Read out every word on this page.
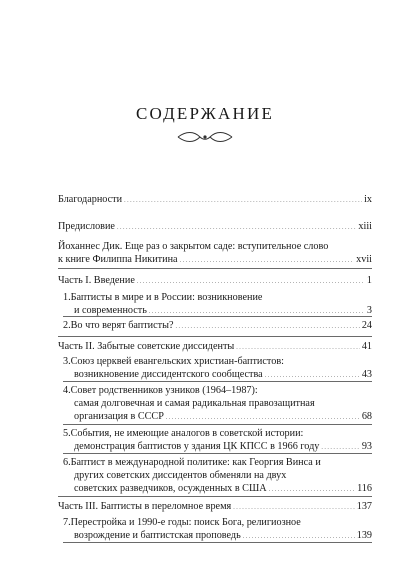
СОДЕРЖАНИЕ
Благодарности . . .	ix
Предисловие . . .	xiii
Йоханнес Дик. Еще раз о закрытом саде: вступительное слово
к книге Филиппа Никитина . . .	xvii
Часть I. Введение . . .	1
1.Баптисты в мире и в России: возникновение
и современность . . .	3
2.Во что верят баптисты? . . .	24
Часть II. Забытые советские диссиденты . . .	41
3.Союз церквей евангельских христиан-баптистов:
возникновение диссидентского сообщества . . .	43
4.Совет родственников узников (1964–1987):
самая долговечная и самая радикальная правозащитная
организация в СССР . . .	68
5.События, не имеющие аналогов в советской истории:
демонстрация баптистов у здания ЦК КПСС в 1966 году . . .	93
6.Баптист в международной политике: как Георгия Винса и
других советских диссидентов обменяли на двух
советских разведчиков, осужденных в США . . .	116
Часть III. Баптисты в переломное время . . .	137
7.Перестройка и 1990-е годы: поиск Бога, религиозное
возрождение и баптистская проповедь . . .	139
